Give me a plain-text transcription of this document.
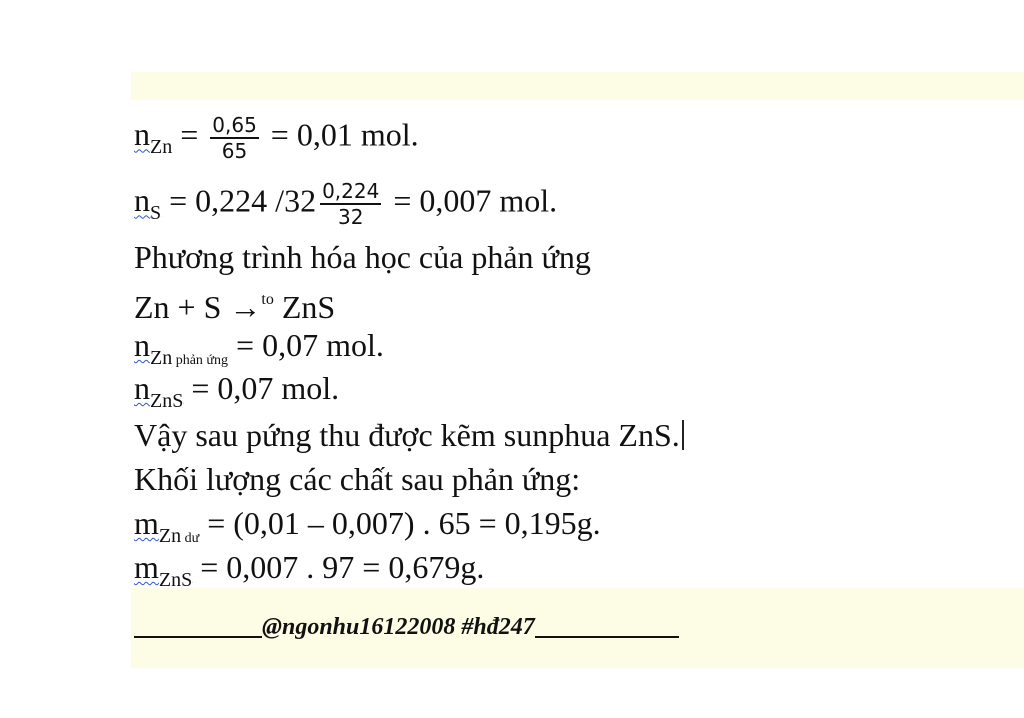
$n_{Zn} = \frac{0,65}{65} = 0,01$ mol.
$n_S = 0,224$ $/32 \frac{0,224}{32} = 0,007$ mol.
Phương trình hóa học của phản ứng
Zn + S →$^{to}$ ZnS
$n_{Zn}$ $_{phản ứng}$ = 0,07 mol.
$n_{ZnS} = 0,07$ mol.
Vậy sau pứng thu được kẽm sunphua ZnS.
Khối lượng các chất sau phản ứng:
$m_{Zn}$ $_{dư}$ = (0,01 – 0,007) . 65 = 0,195g.
$m_{ZnS} = 0,007$ . 97 = 0,679g.
@ngonhu16122008 #hđ247
